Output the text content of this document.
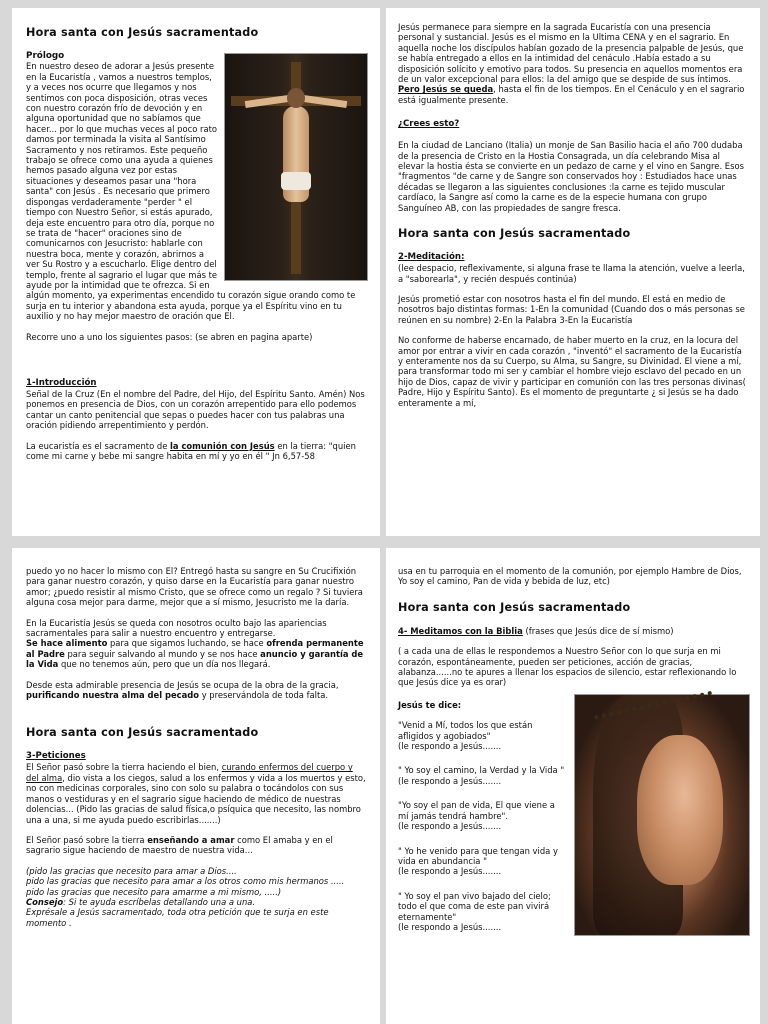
Hora santa con Jesús sacramentado

Prólogo

En nuestro deseo de adorar a Jesús presente en la Eucaristía , vamos a nuestros templos, y a veces nos ocurre que llegamos y nos sentimos con poca disposición, otras veces con nuestro corazón frío de devoción y en alguna oportunidad que no sabíamos que hacer... por lo que muchas veces al poco rato damos por terminada la visita al Santísimo Sacramento y nos retiramos. Este pequeño trabajo se ofrece como una ayuda a quienes hemos pasado alguna vez por estas situaciones y deseamos pasar una "hora santa" con Jesús . Es necesario que primero dispongas verdaderamente "perder " el tiempo con Nuestro Señor, si estás apurado, deja este encuentro para otro día, porque no se trata de "hacer" oraciones sino de comunicarnos con Jesucristo: hablarle con nuestra boca, mente y corazón, abrirnos a ver Su Rostro y a escucharlo. Elige dentro del templo, frente al sagrario el lugar que más te ayude por la intimidad que te ofrezca. Si en algún momento, ya experimentas encendido tu corazón sigue orando como te surja en tu interior y abandona esta ayuda, porque ya el Espíritu vino en tu auxilio y no hay mejor maestro de oración que El.

Recorre uno a uno los siguientes pasos: (se abren en pagina aparte)

1-Introducción

Señal de la Cruz (En el nombre del Padre, del Hijo, del Espíritu Santo. Amén) Nos ponemos en presencia de Dios, con un corazón arrepentido para ello podemos cantar un canto penitencial que sepas o puedes hacer con tus palabras una oración pidiendo arrepentimiento y perdón.

La eucaristía es el sacramento de la comunión con Jesús en la tierra: "quien come mi carne y bebe mi sangre habita en mí y yo en él " Jn 6,57-58

Jesús permanece para siempre en la sagrada Eucaristía con una presencia personal y sustancial. Jesús es el mismo en la Ultima CENA y en el sagrario. En aquella noche los discípulos habían gozado de la presencia palpable de Jesús, que se había entregado a ellos en la intimidad del cenáculo .Había estado a su disposición solícito y emotivo para todos. Su presencia en aquellos momentos era de un valor excepcional para ellos: la del amigo que se despide de sus íntimos. Pero Jesús se queda, hasta el fin de los tiempos. En el Cenáculo y en el sagrario está igualmente presente.

¿Crees esto?

En la ciudad de Lanciano (Italia) un monje de San Basilio hacia el año 700 dudaba de la presencia de Cristo en la Hostia Consagrada, un día celebrando Misa al elevar la hostia ésta se convierte en un pedazo de carne y el vino en Sangre. Esos "fragmentos "de carne y de Sangre son conservados hoy : Estudiados hace unas décadas se llegaron a las siguientes conclusiones :la carne es tejido muscular cardíaco, la Sangre así como la carne es de la especie humana con grupo Sanguíneo AB, con las propiedades de sangre fresca.

Hora santa con Jesús sacramentado

2-Meditación:

(lee despacio, reflexivamente, si alguna frase te llama la atención, vuelve a leerla, a "saborearla", y recién después continúa)

Jesús prometió estar con nosotros hasta el fin del mundo. El está en medio de nosotros bajo distintas formas: 1-En la comunidad (Cuando dos o más personas se reúnen en su nombre) 2-En la Palabra 3-En la Eucaristía

No conforme de haberse encarnado, de haber muerto en la cruz, en la locura del amor por entrar a vivir en cada corazón , "inventó" el sacramento de la Eucaristía y enteramente nos da su Cuerpo, su Alma, su Sangre, su Divinidad. El viene a mí, para transformar todo mi ser y cambiar el hombre viejo esclavo del pecado en un hijo de Dios, capaz de vivir y participar en comunión con las tres personas divinas( Padre, Hijo y Espíritu Santo). Es el momento de preguntarte ¿ si Jesús se ha dado enteramente a mí,

puedo yo no hacer lo mismo con El? Entregó hasta su sangre en Su Crucifixión para ganar nuestro corazón, y quiso darse en la Eucaristía para ganar nuestro amor; ¿puedo resistir al mismo Cristo, que se ofrece como un regalo ? Si tuviera alguna cosa mejor para darme, mejor que a sí mismo, Jesucristo me la daría.

En la Eucaristía Jesús se queda con nosotros oculto bajo las apariencias sacramentales para salir a nuestro encuentro y entregarse.

Se hace alimento para que sigamos luchando, se hace ofrenda permanente al Padre para seguir salvando al mundo y se nos hace anuncio y garantía de la Vida que no tenemos aún, pero que un día nos llegará.

Desde esta admirable presencia de Jesús se ocupa de la obra de la gracia, purificando nuestra alma del pecado y preservándola de toda falta.

Hora santa con Jesús sacramentado

3-Peticiones

El Señor pasó sobre la tierra haciendo el bien, curando enfermos del cuerpo y del alma, dio vista a los ciegos, salud a los enfermos y vida a los muertos y esto, no con medicinas corporales, sino con solo su palabra o tocándolos con sus manos o vestiduras y en el sagrario sigue haciendo de médico de nuestras dolencias... (Pido las gracias de salud física,o psíquica que necesito, las nombro una a una, si me ayuda puedo escribirlas.......)

El Señor pasó sobre la tierra enseñando a amar como El amaba y en el sagrario sigue haciendo de maestro de nuestra vida...

(pido las gracias que necesito para amar a Dios....

pido las gracias que necesito para amar a los otros como mis hermanos .....

pido las gracias que necesito para amarme a mi mismo, .....)

Consejo: Si te ayuda escríbelas detallando una a una.

Exprésale a Jesús sacramentado, toda otra petición que te surja en este momento .

usa en tu parroquia en el momento de la comunión, por ejemplo Hambre de Dios, Yo soy el camino, Pan de vida y bebida de luz, etc)

Hora santa con Jesús sacramentado

4- Meditamos con la Biblia (frases que Jesús dice de sí mismo)

( a cada una de ellas le respondemos a Nuestro Señor con lo que surja en mi corazón, espontáneamente, pueden ser peticiones, acción de gracias, alabanza......no te apures a llenar los espacios de silencio, estar reflexionando lo que Jesús dice ya es orar)

Jesús te dice:

"Venid a Mí, todos los que están afligidos y agobiados"

(le respondo a Jesús.......

" Yo soy el camino, la Verdad y la Vida "

(le respondo a Jesús.......

"Yo soy el pan de vida, El que viene a mí jamás tendrá hambre".

(le respondo a Jesús.......

" Yo he venido para que tengan vida y vida en abundancia "

(le respondo a Jesús.......

" Yo soy el pan vivo bajado del cielo; todo el que coma de este pan vivirá eternamente"

(le respondo a Jesús.......
